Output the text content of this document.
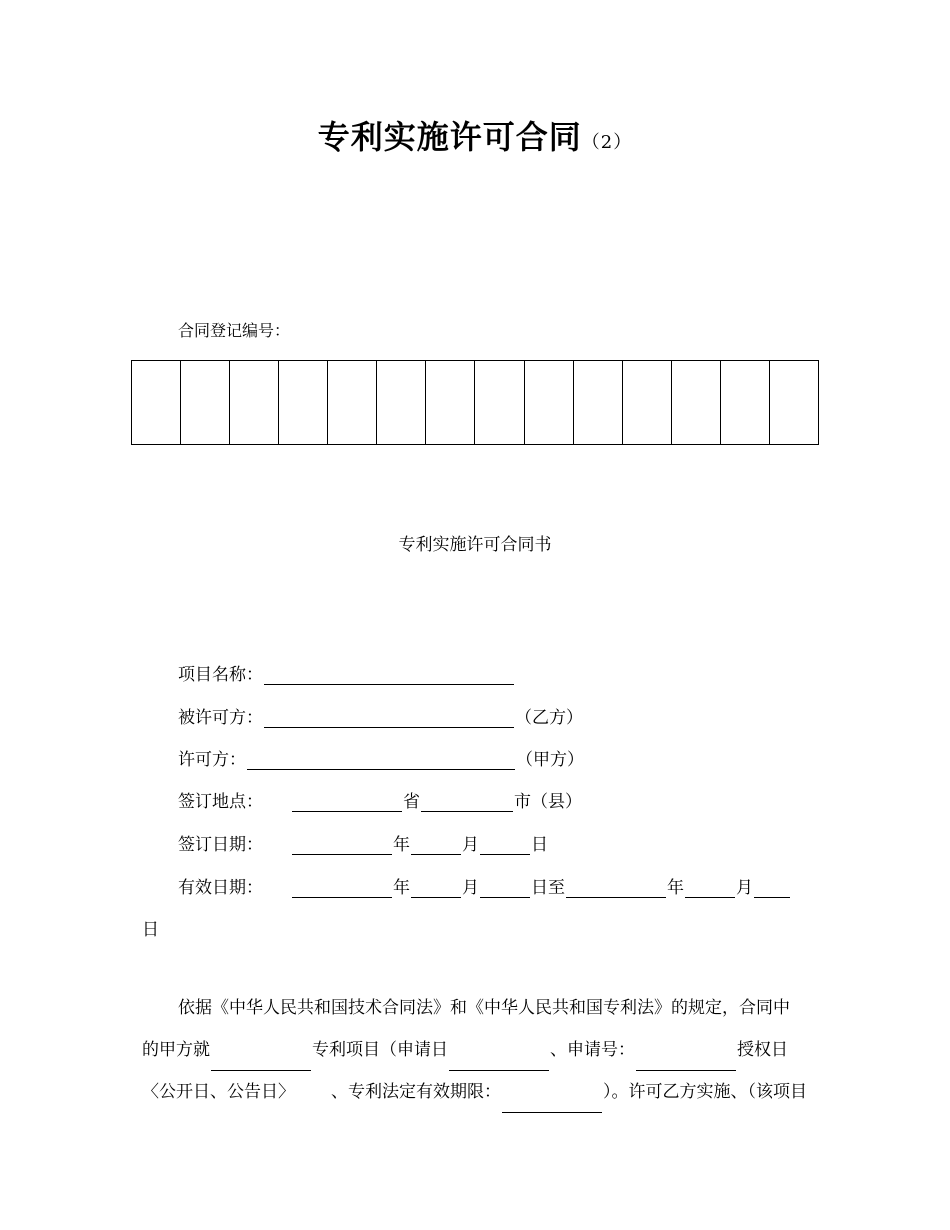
专利实施许可合同（2）
合同登记编号：

专利实施许可合同书
项目名称：
被许可方：	（乙方）
许可方：	（甲方）
签订地点：	省	市（县）
签订日期：	年	月	日
有效日期：	年	月	日至	年	月
日
依据《中华人民共和国技术合同法》和《中华人民共和国专利法》的规定，合同中
的甲方就	专利项目（申请日	、申请号：	授权日
〈公开日、公告日〉 、专利法定有效期限：	）。许可乙方实施、（该项目
